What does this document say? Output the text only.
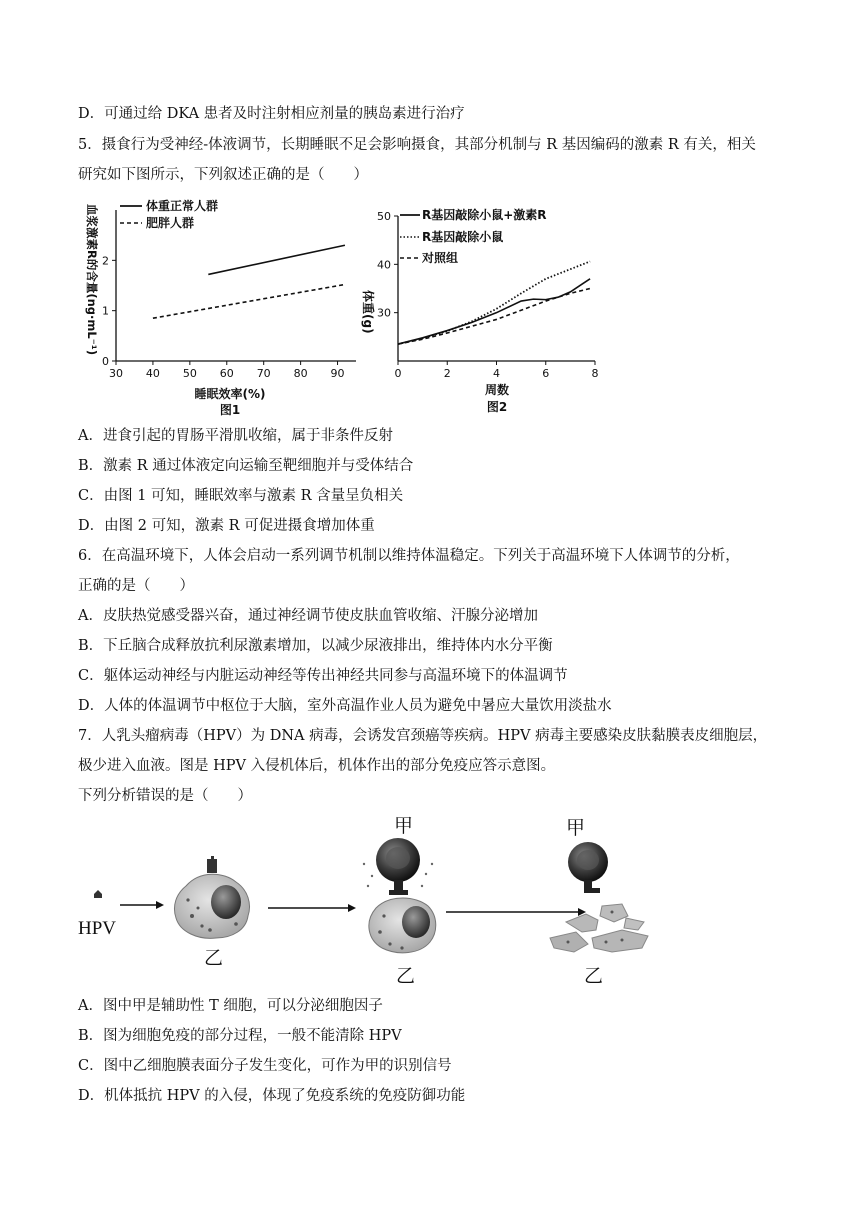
D．可通过给 DKA 患者及时注射相应剂量的胰岛素进行治疗
5．摄食行为受神经-体液调节，长期睡眠不足会影响摄食，其部分机制与 R 基因编码的激素 R 有关，相关
研究如下图所示，下列叙述正确的是（　　）
体重正常人群
肥胖人群
血浆激素R的含量(ng·mL⁻¹)
30 40 50 60 70 80 90
0
1
2
睡眠效率(%)
图1
R基因敲除小鼠+激素R
R基因敲除小鼠
对照组
体重(g)
0	2	4	6	8
30
40
50
周数
图2
A．进食引起的胃肠平滑肌收缩，属于非条件反射
B．激素 R 通过体液定向运输至靶细胞并与受体结合
C．由图 1 可知，睡眠效率与激素 R 含量呈负相关
D．由图 2 可知，激素 R 可促进摄食增加体重
6．在高温环境下，人体会启动一系列调节机制以维持体温稳定。下列关于高温环境下人体调节的分析，
正确的是（　　）
A．皮肤热觉感受器兴奋，通过神经调节使皮肤血管收缩、汗腺分泌增加
B．下丘脑合成释放抗利尿激素增加，以减少尿液排出，维持体内水分平衡
C．躯体运动神经与内脏运动神经等传出神经共同参与高温环境下的体温调节
D．人体的体温调节中枢位于大脑，室外高温作业人员为避免中暑应大量饮用淡盐水
7．人乳头瘤病毒（HPV）为 DNA 病毒，会诱发宫颈癌等疾病。HPV 病毒主要感染皮肤黏膜表皮细胞层，
极少进入血液。图是 HPV 入侵机体后，机体作出的部分免疫应答示意图。
下列分析错误的是（　　）
HPV
乙
甲
乙
甲
乙
A．图中甲是辅助性 T 细胞，可以分泌细胞因子
B．图为细胞免疫的部分过程，一般不能清除 HPV
C．图中乙细胞膜表面分子发生变化，可作为甲的识别信号
D．机体抵抗 HPV 的入侵，体现了免疫系统的免疫防御功能
